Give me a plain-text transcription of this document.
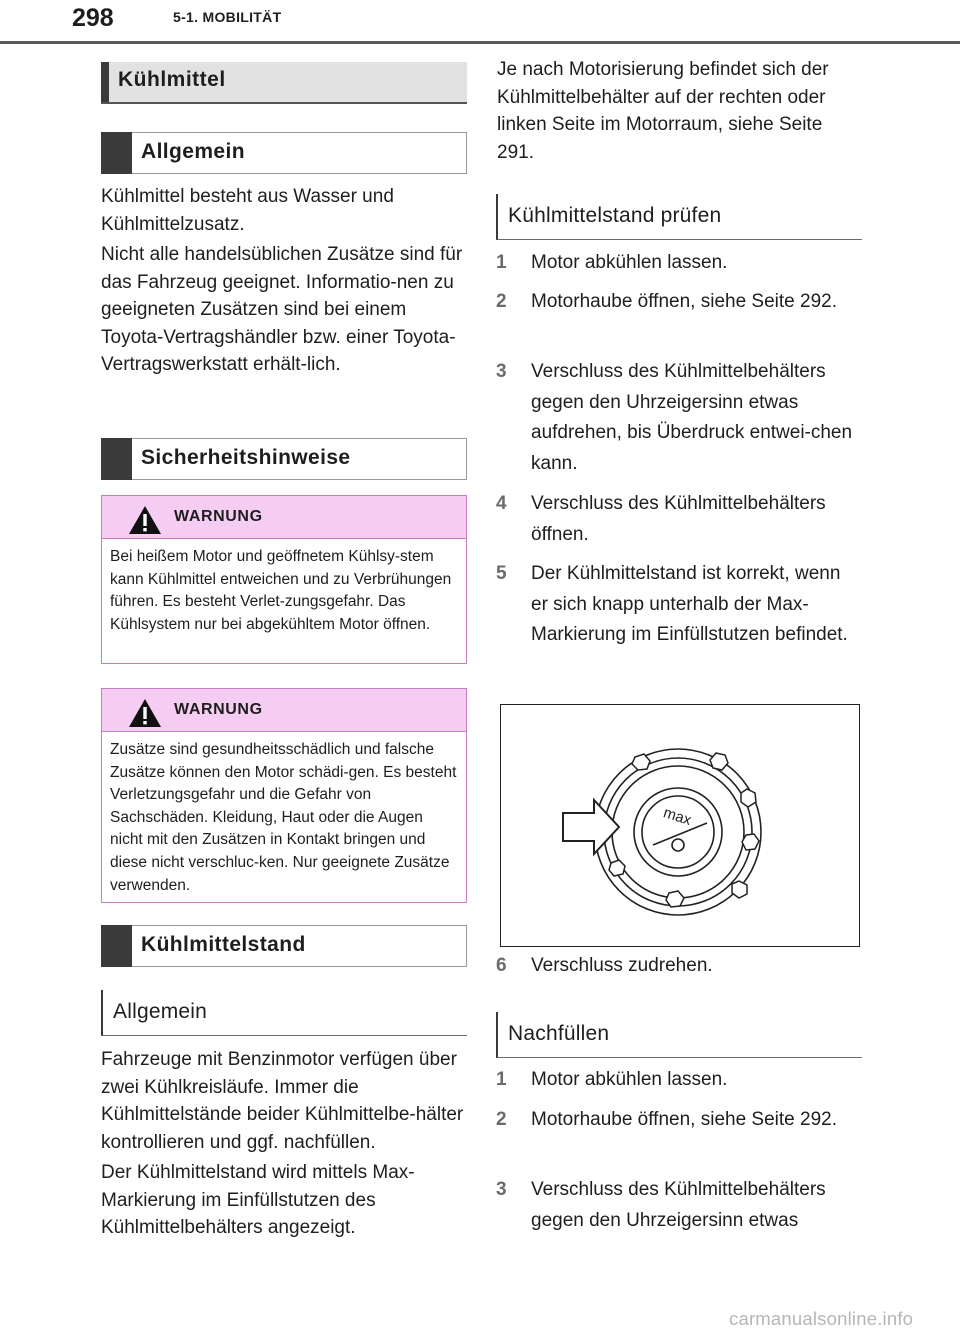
298	5-1. MOBILITÄT
Kühlmittel
Allgemein

Kühlmittel besteht aus Wasser und Kühlmittelzusatz.

Nicht alle handelsüblichen Zusätze sind für das Fahrzeug geeignet. Informatio-nen zu geeigneten Zusätzen sind bei einem Toyota-Vertragshändler bzw. einer Toyota-Vertragswerkstatt erhält-lich.

Sicherheitshinweise
WARNUNG
Bei heißem Motor und geöffnetem Kühlsy-stem kann Kühlmittel entweichen und zu Verbrühungen führen. Es besteht Verlet-zungsgefahr. Das Kühlsystem nur bei abgekühltem Motor öffnen.
WARNUNG
Zusätze sind gesundheitsschädlich und falsche Zusätze können den Motor schädi-gen. Es besteht Verletzungsgefahr und die Gefahr von Sachschäden. Kleidung, Haut oder die Augen nicht mit den Zusätzen in Kontakt bringen und diese nicht verschluc-ken. Nur geeignete Zusätze verwenden.
Kühlmittelstand
Allgemein

Fahrzeuge mit Benzinmotor verfügen über zwei Kühlkreisläufe. Immer die Kühlmittelstände beider Kühlmittelbe-hälter kontrollieren und ggf. nachfüllen.

Der Kühlmittelstand wird mittels Max-Markierung im Einfüllstutzen des Kühlmittelbehälters angezeigt.

Je nach Motorisierung befindet sich der Kühlmittelbehälter auf der rechten oder linken Seite im Motorraum, siehe Seite 291.

Kühlmittelstand prüfen
1 Motor abkühlen lassen.
2 Motorhaube öffnen, siehe Seite 292.
3 Verschluss des Kühlmittelbehälters gegen den Uhrzeigersinn etwas aufdrehen, bis Überdruck entwei-chen kann.
4 Verschluss des Kühlmittelbehälters öffnen.
5 Der Kühlmittelstand ist korrekt, wenn er sich knapp unterhalb der Max-Markierung im Einfüllstutzen befindet.
max
6 Verschluss zudrehen.
Nachfüllen
1 Motor abkühlen lassen.
2 Motorhaube öffnen, siehe Seite 292.
3 Verschluss des Kühlmittelbehälters gegen den Uhrzeigersinn etwas
carmanualsonline.info
